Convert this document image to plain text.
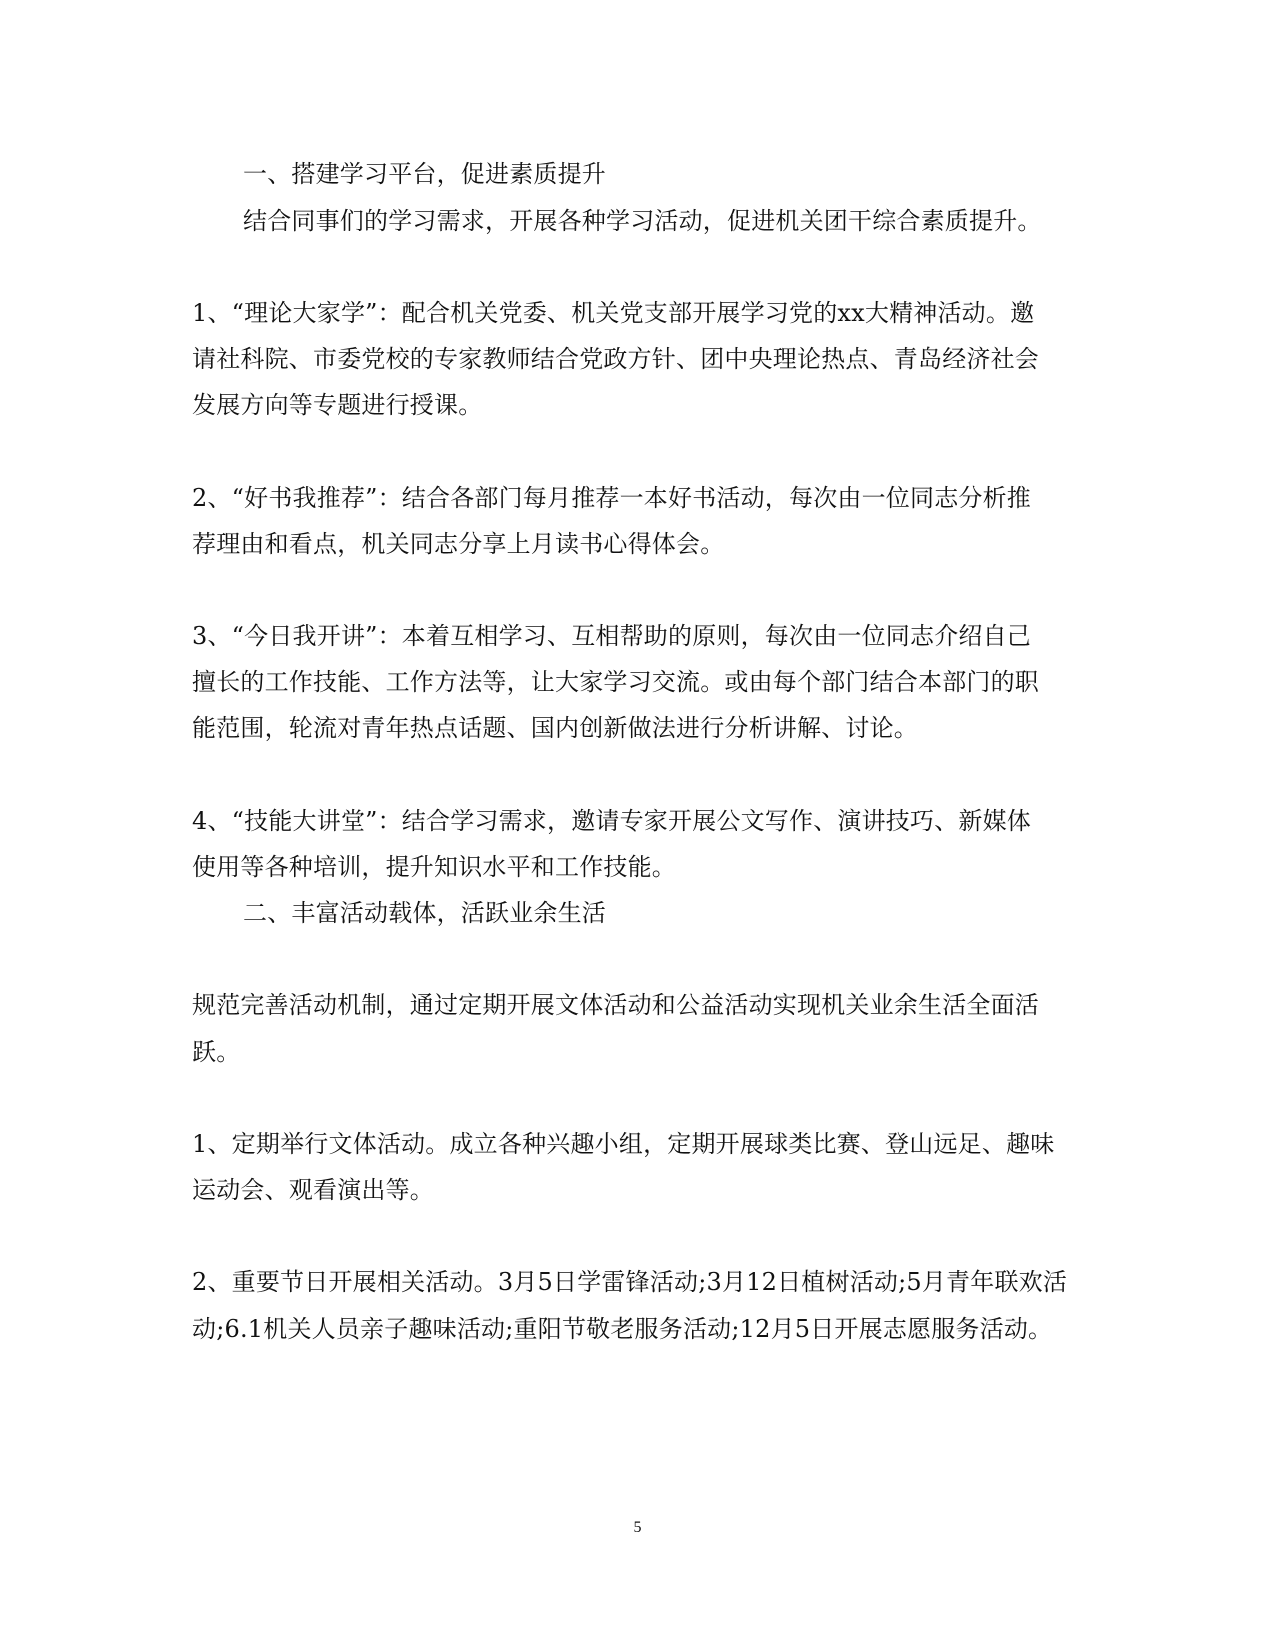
一、搭建学习平台，促进素质提升
结合同事们的学习需求，开展各种学习活动，促进机关团干综合素质提升。
1、“理论大家学”：配合机关党委、机关党支部开展学习党的xx大精神活动。邀
请社科院、市委党校的专家教师结合党政方针、团中央理论热点、青岛经济社会
发展方向等专题进行授课。
2、“好书我推荐”：结合各部门每月推荐一本好书活动，每次由一位同志分析推
荐理由和看点，机关同志分享上月读书心得体会。
3、“今日我开讲”：本着互相学习、互相帮助的原则，每次由一位同志介绍自己
擅长的工作技能、工作方法等，让大家学习交流。或由每个部门结合本部门的职
能范围，轮流对青年热点话题、国内创新做法进行分析讲解、讨论。
4、“技能大讲堂”：结合学习需求，邀请专家开展公文写作、演讲技巧、新媒体
使用等各种培训，提升知识水平和工作技能。
二、丰富活动载体，活跃业余生活
规范完善活动机制，通过定期开展文体活动和公益活动实现机关业余生活全面活
跃。
1、定期举行文体活动。成立各种兴趣小组，定期开展球类比赛、登山远足、趣味
运动会、观看演出等。
2、重要节日开展相关活动。3月5日学雷锋活动;3月12日植树活动;5月青年联欢活
动;6.1机关人员亲子趣味活动;重阳节敬老服务活动;12月5日开展志愿服务活动。
5
